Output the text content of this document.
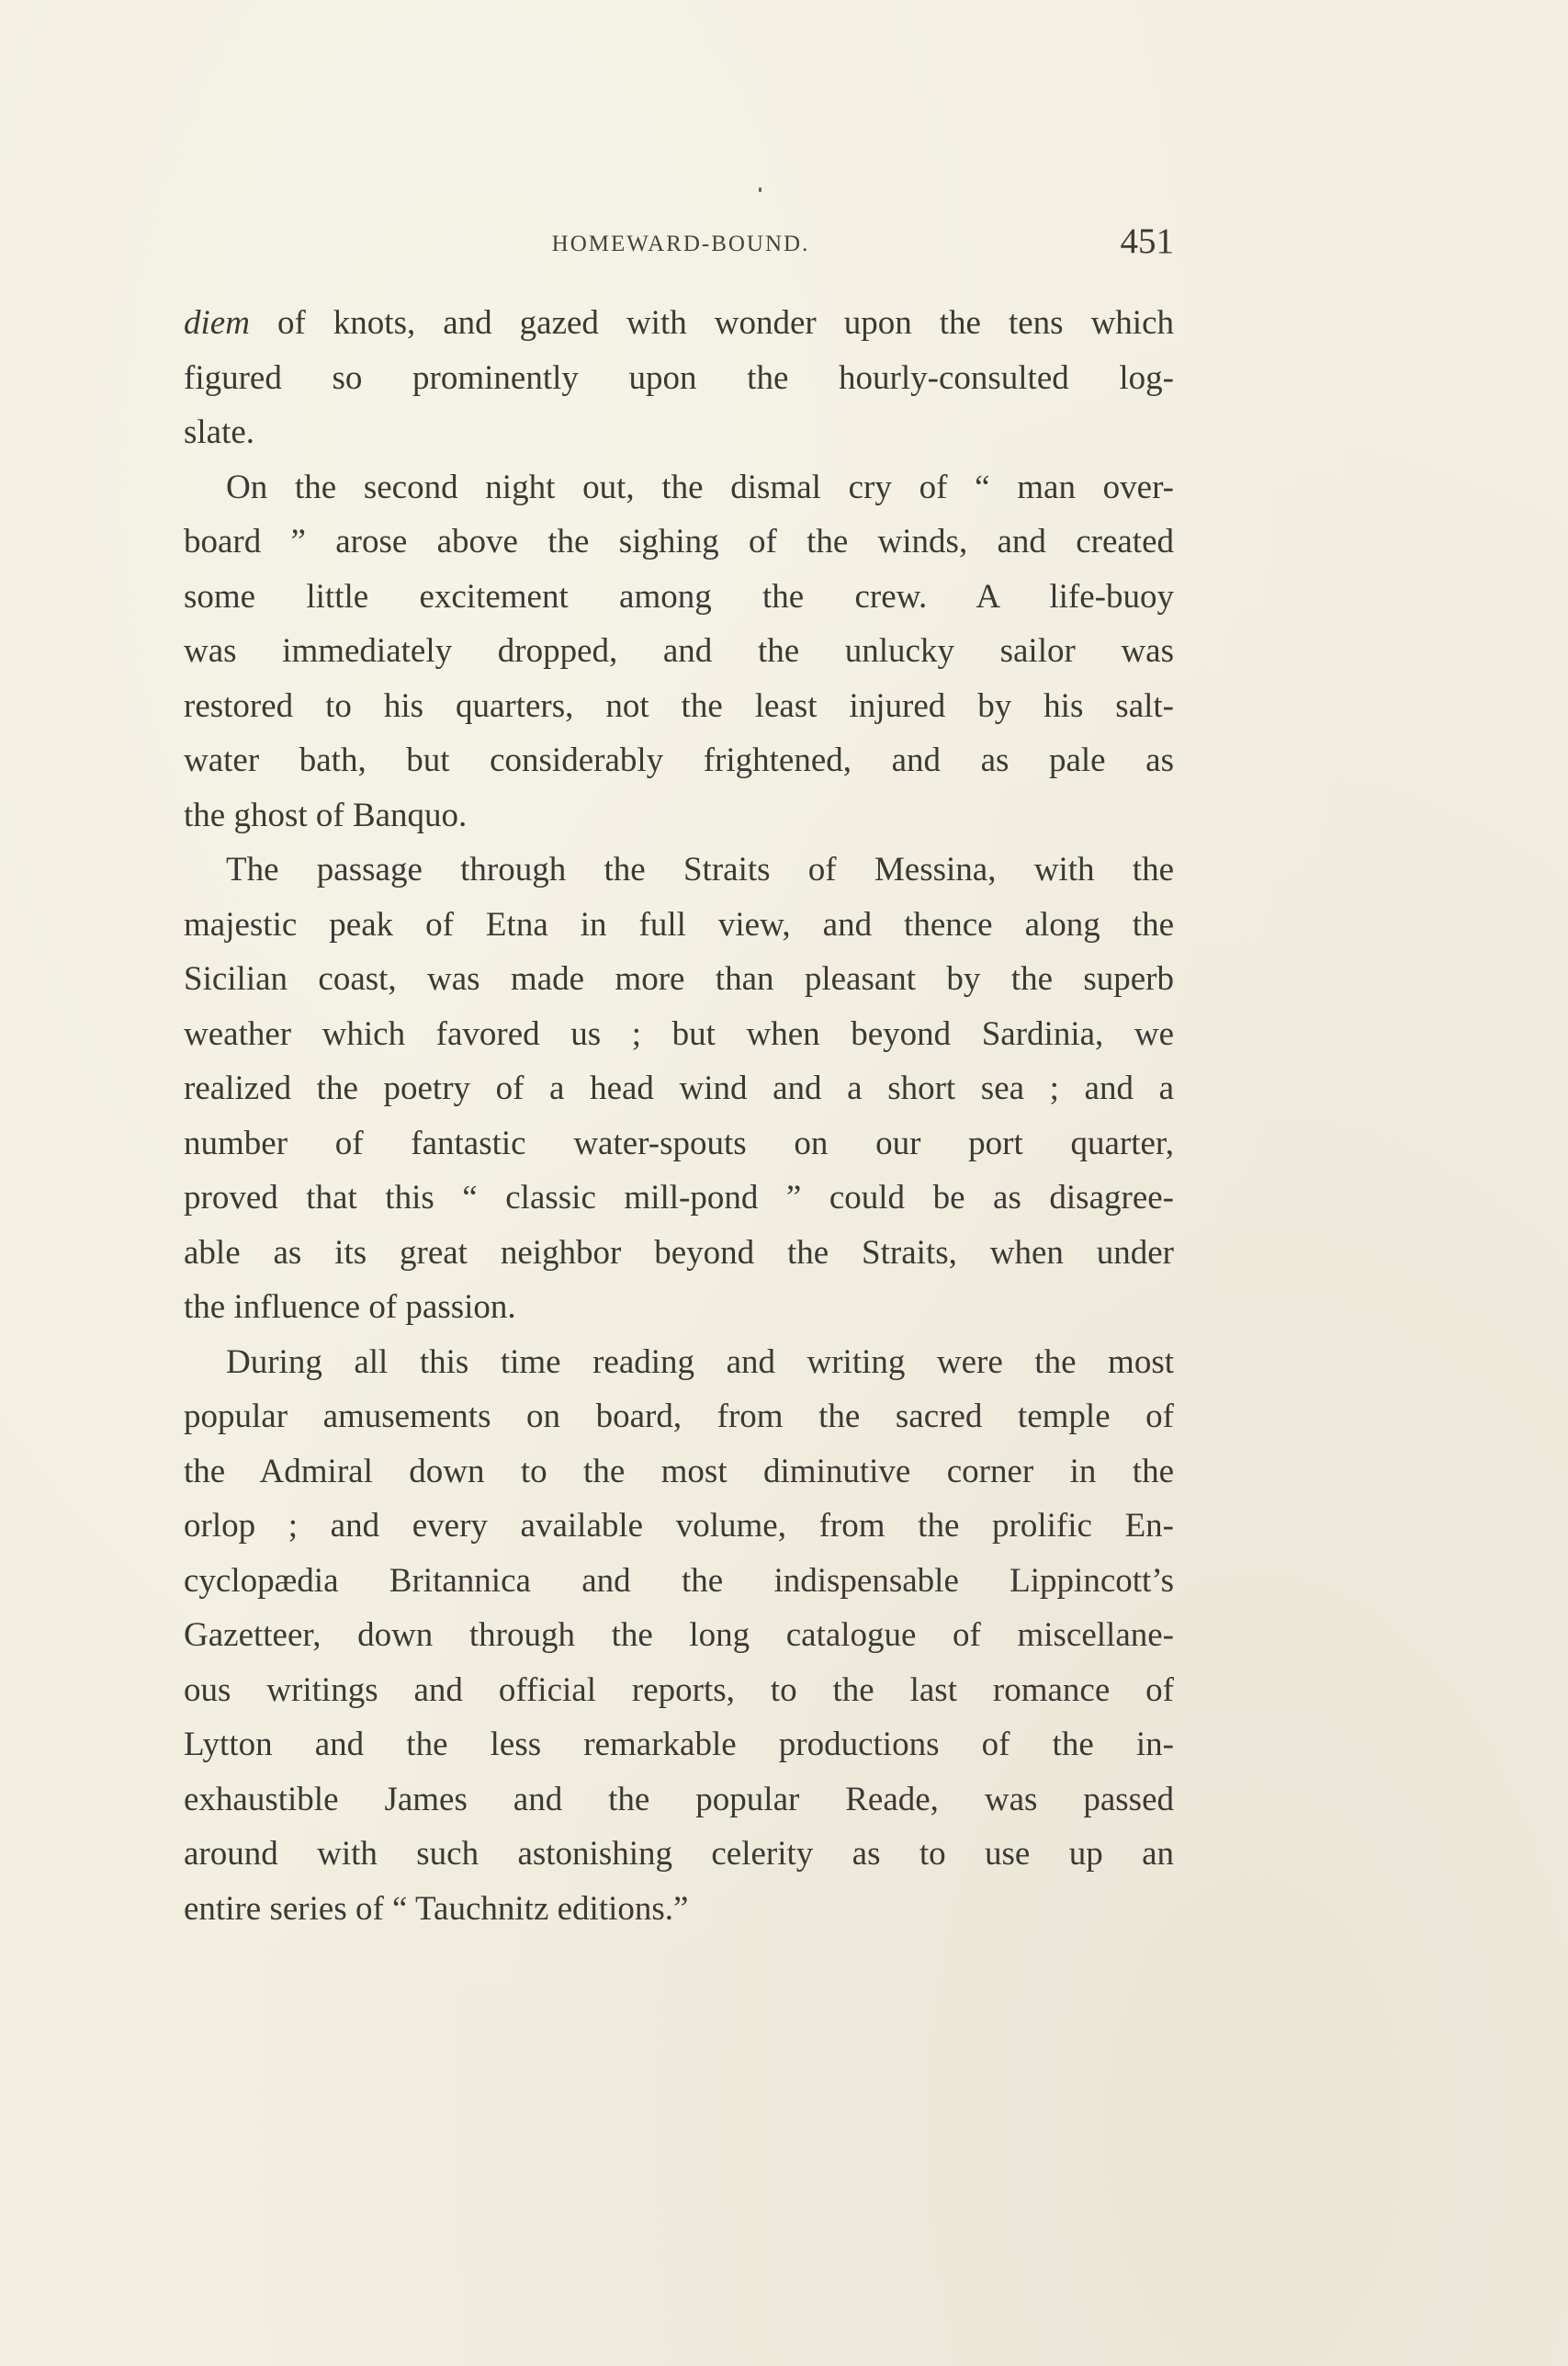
HOMEWARD-BOUND.	451
diem of knots, and gazed with wonder upon the tens which
figured so prominently upon the hourly-consulted log-
slate.
On the second night out, the dismal cry of “ man over-
board ” arose above the sighing of the winds, and created
some little excitement among the crew. A life-buoy
was immediately dropped, and the unlucky sailor was
restored to his quarters, not the least injured by his salt-
water bath, but considerably frightened, and as pale as
the ghost of Banquo.
The passage through the Straits of Messina, with the
majestic peak of Etna in full view, and thence along the
Sicilian coast, was made more than pleasant by the superb
weather which favored us ; but when beyond Sardinia, we
realized the poetry of a head wind and a short sea ; and a
number of fantastic water-spouts on our port quarter,
proved that this “ classic mill-pond ” could be as disagree-
able as its great neighbor beyond the Straits, when under
the influence of passion.
During all this time reading and writing were the most
popular amusements on board, from the sacred temple of
the Admiral down to the most diminutive corner in the
orlop ; and every available volume, from the prolific En-
cyclopædia Britannica and the indispensable Lippincott’s
Gazetteer, down through the long catalogue of miscellane-
ous writings and official reports, to the last romance of
Lytton and the less remarkable productions of the in-
exhaustible James and the popular Reade, was passed
around with such astonishing celerity as to use up an
entire series of “ Tauchnitz editions.”
